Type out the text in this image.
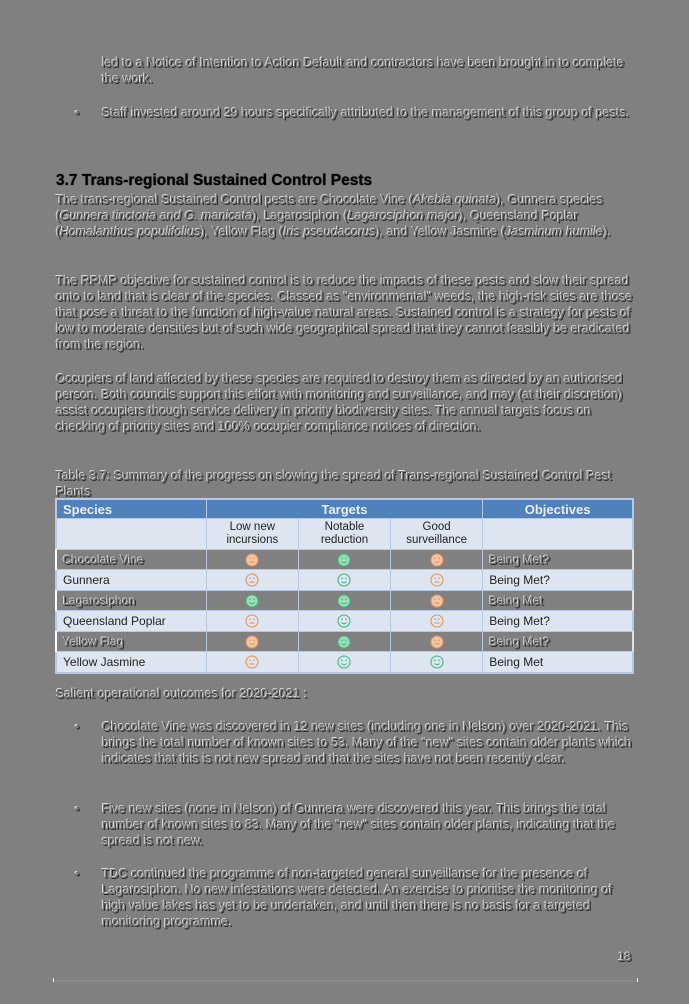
led to a Notice of Intention to Action Default and contractors have been brought in to complete the work.
• Staff invested around 29 hours specifically attributed to the management of this group of pests.
3.7 Trans-regional Sustained Control Pests
The trans-regional Sustained Control pests are Chocolate Vine (Akebia quinata), Gunnera species (Gunnera tinctoria and G. manicata), Lagarosiphon (Lagarosiphon major), Queensland Poplar (Homalanthus populifolius), Yellow Flag (Iris pseudacorus), and Yellow Jasmine (Jasminum humile).
The RPMP objective for sustained control is to reduce the impacts of these pests and slow their spread onto to land that is clear of the species. Classed as "environmental" weeds, the high-risk sites are those that pose a threat to the function of high-value natural areas. Sustained control is a strategy for pests of low to moderate densities but of such wide geographical spread that they cannot feasibly be eradicated from the region.
Occupiers of land affected by these species are required to destroy them as directed by an authorised person. Both councils support this effort with monitoring and surveillance, and may (at their discretion) assist occupiers though service delivery in priority biodiversity sites. The annual targets focus on checking of priority sites and 100% occupier compliance notices of direction.
Table 3.7: Summary of the progress on slowing the spread of Trans-regional Sustained Control Pest Plants
Species	Targets			Objectives
	Low new incursions	Notable reduction	Good surveillance	
Chocolate Vine				Being Met?
Gunnera				Being Met?
Lagarosiphon				Being Met
Queensland Poplar				Being Met?
Yellow Flag				Being Met?
Yellow Jasmine				Being Met
Salient operational outcomes for 2020-2021 :
• Chocolate Vine was discovered in 12 new sites (including one in Nelson) over 2020-2021. This brings the total number of known sites to 53. Many of the "new" sites contain older plants which indicates that this is not new spread and that the sites have not been recently clear.
• Five new sites (none in Nelson) of Gunnera were discovered this year. This brings the total number of known sites to 83. Many of the "new" sites contain older plants, indicating that the spread is not new.
• TDC continued the programme of non-targeted general surveillanse for the presence of Lagarosiphon. No new infestations were detected. An exercise to prioritise the monitoring of high value lakes has yet to be undertaken, and until then there is no basis for a targeted monitoring programme.
18
